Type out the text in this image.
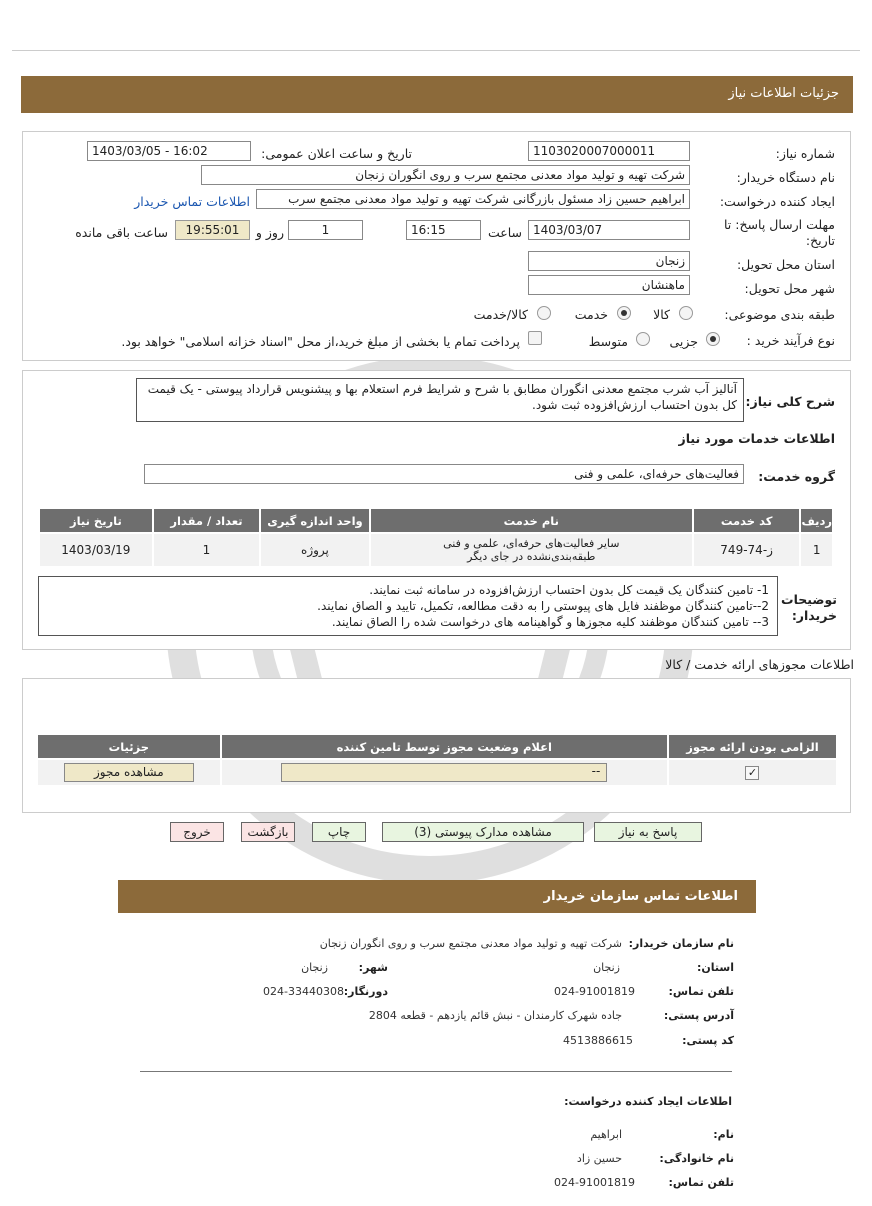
جزئیات اطلاعات نیاز
شماره نیاز:
1103020007000011
تاریخ و ساعت اعلان عمومی:
1403/03/05 - 16:02
نام دستگاه خریدار:
شرکت تهیه و تولید مواد معدنی مجتمع سرب و روی انگوران زنجان
ایجاد کننده درخواست:
ابراهیم حسین زاد مسئول بازرگانی شرکت تهیه و تولید مواد معدنی مجتمع سرب
اطلاعات تماس خریدار
مهلت ارسال پاسخ: تا تاریخ:
1403/03/07
ساعت
16:15
1
روز و
19:55:01
ساعت باقی مانده
استان محل تحویل:
زنجان
شهر محل تحویل:
ماهنشان
طبقه بندی موضوعی:
کالا
خدمت
کالا/خدمت
نوع فرآیند خرید :
جزیی
متوسط
پرداخت تمام یا بخشی از مبلغ خرید،از محل "اسناد خزانه اسلامی" خواهد بود.
شرح کلی نیاز:
آنالیز آب شرب مجتمع معدنی انگوران مطابق با شرح و شرایط فرم استعلام بها و پیشنویس قرارداد پیوستی - یک قیمت کل بدون احتساب ارزش‌افزوده ثبت شود.
اطلاعات خدمات مورد نیاز
گروه خدمت:
فعالیت‌های حرفه‌ای، علمی و فنی
ردیف	کد خدمت	نام خدمت	واحد اندازه گیری	تعداد / مقدار	تاریخ نیاز
1	ز-74-749	سایر فعالیت‌های حرفه‌ای، علمی و فنی طبقه‌بندی‌نشده در جای دیگر	پروژه	1	1403/03/19
توضیحات خریدار:
1- تامین کنندگان یک قیمت کل بدون احتساب ارزش‌افزوده در سامانه ثبت نمایند.
2--تامین کنندگان موظفند فایل های پیوستی را به دقت مطالعه، تکمیل، تایید و الصاق نمایند.
3-- تامین کنندگان موظفند کلیه مجوزها و گواهینامه های درخواست شده را الصاق نمایند.
اطلاعات مجوزهای ارائه خدمت / کالا
الزامی بودن ارائه مجوز	اعلام وضعیت مجوز توسط تامین کننده	جزئیات
✓	--	مشاهده مجوز
پاسخ به نیاز
مشاهده مدارک پیوستی (3)
چاپ
بازگشت
خروج
اطلاعات تماس سازمان خریدار
نام سازمان خریدار:
شرکت تهیه و تولید مواد معدنی مجتمع سرب و روی انگوران زنجان
استان:
زنجان
شهر:
زنجان
تلفن تماس:
024-91001819
دورنگار:
024-33440308
آدرس پستی:
جاده شهرک کارمندان - نبش قائم یازدهم - قطعه 2804
کد پستی:
4513886615
اطلاعات ایجاد کننده درخواست:
نام:
ابراهیم
نام خانوادگی:
حسین زاد
تلفن تماس:
024-91001819
